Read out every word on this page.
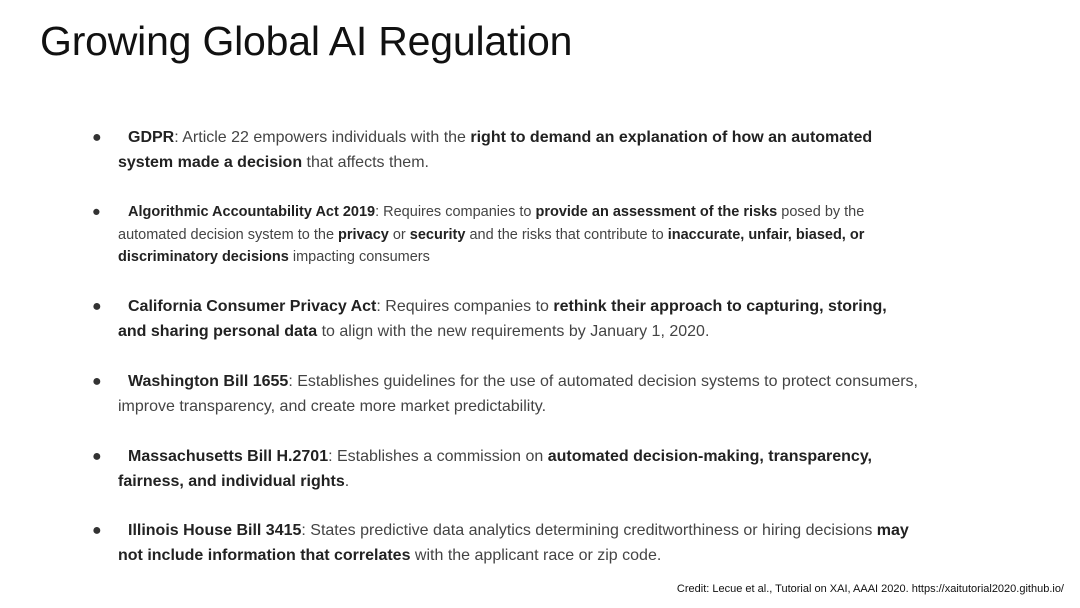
Growing Global AI Regulation
● GDPR: Article 22 empowers individuals with the right to demand an explanation of how an automated system made a decision that affects them.
● Algorithmic Accountability Act 2019: Requires companies to provide an assessment of the risks posed by the automated decision system to the privacy or security and the risks that contribute to inaccurate, unfair, biased, or discriminatory decisions impacting consumers
● California Consumer Privacy Act: Requires companies to rethink their approach to capturing, storing, and sharing personal data to align with the new requirements by January 1, 2020.
● Washington Bill 1655: Establishes guidelines for the use of automated decision systems to protect consumers, improve transparency, and create more market predictability.
● Massachusetts Bill H.2701: Establishes a commission on automated decision-making, transparency, fairness, and individual rights.
● Illinois House Bill 3415: States predictive data analytics determining creditworthiness or hiring decisions may not include information that correlates with the applicant race or zip code.
Credit: Lecue et al., Tutorial on XAI, AAAI 2020. https://xaitutorial2020.github.io/
